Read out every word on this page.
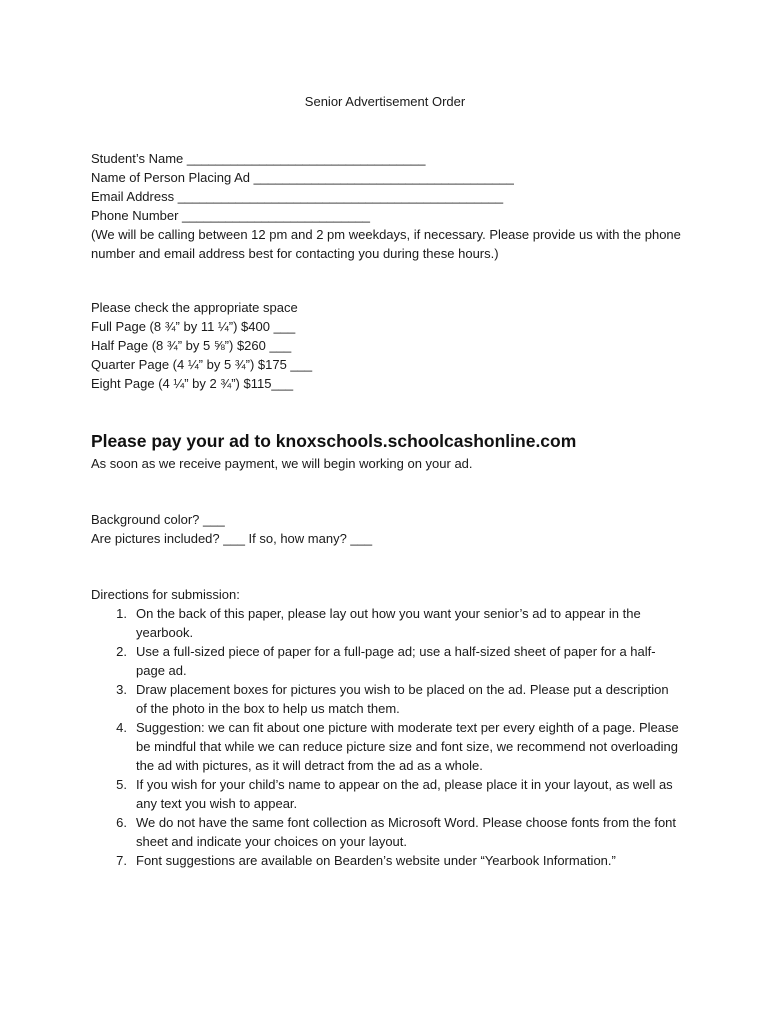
Senior Advertisement Order

Student’s Name _________________________________

Name of Person Placing Ad ____________________________________

Email Address _____________________________________________

Phone Number __________________________

(We will be calling between 12 pm and 2 pm weekdays, if necessary. Please provide us with the phone number and email address best for contacting you during these hours.)

Please check the appropriate space

Full Page (8 ¾” by 11 ¼”) $400 ___

Half Page (8 ¾” by 5 ⅝”) $260 ___

Quarter Page (4 ¼” by 5 ¾”) $175 ___

Eight Page (4 ¼” by 2 ¾”) $115___

Please pay your ad to knoxschools.schoolcashonline.com

As soon as we receive payment, we will begin working on your ad.

Background color? ___

Are pictures included? ___ If so, how many? ___

Directions for submission:

1. On the back of this paper, please lay out how you want your senior’s ad to appear in the yearbook.
2. Use a full-sized piece of paper for a full-page ad; use a half-sized sheet of paper for a half-page ad.
3. Draw placement boxes for pictures you wish to be placed on the ad. Please put a description of the photo in the box to help us match them.
4. Suggestion: we can fit about one picture with moderate text per every eighth of a page. Please be mindful that while we can reduce picture size and font size, we recommend not overloading the ad with pictures, as it will detract from the ad as a whole.
5. If you wish for your child’s name to appear on the ad, please place it in your layout, as well as any text you wish to appear.
6. We do not have the same font collection as Microsoft Word. Please choose fonts from the font sheet and indicate your choices on your layout.
7. Font suggestions are available on Bearden’s website under “Yearbook Information.”
